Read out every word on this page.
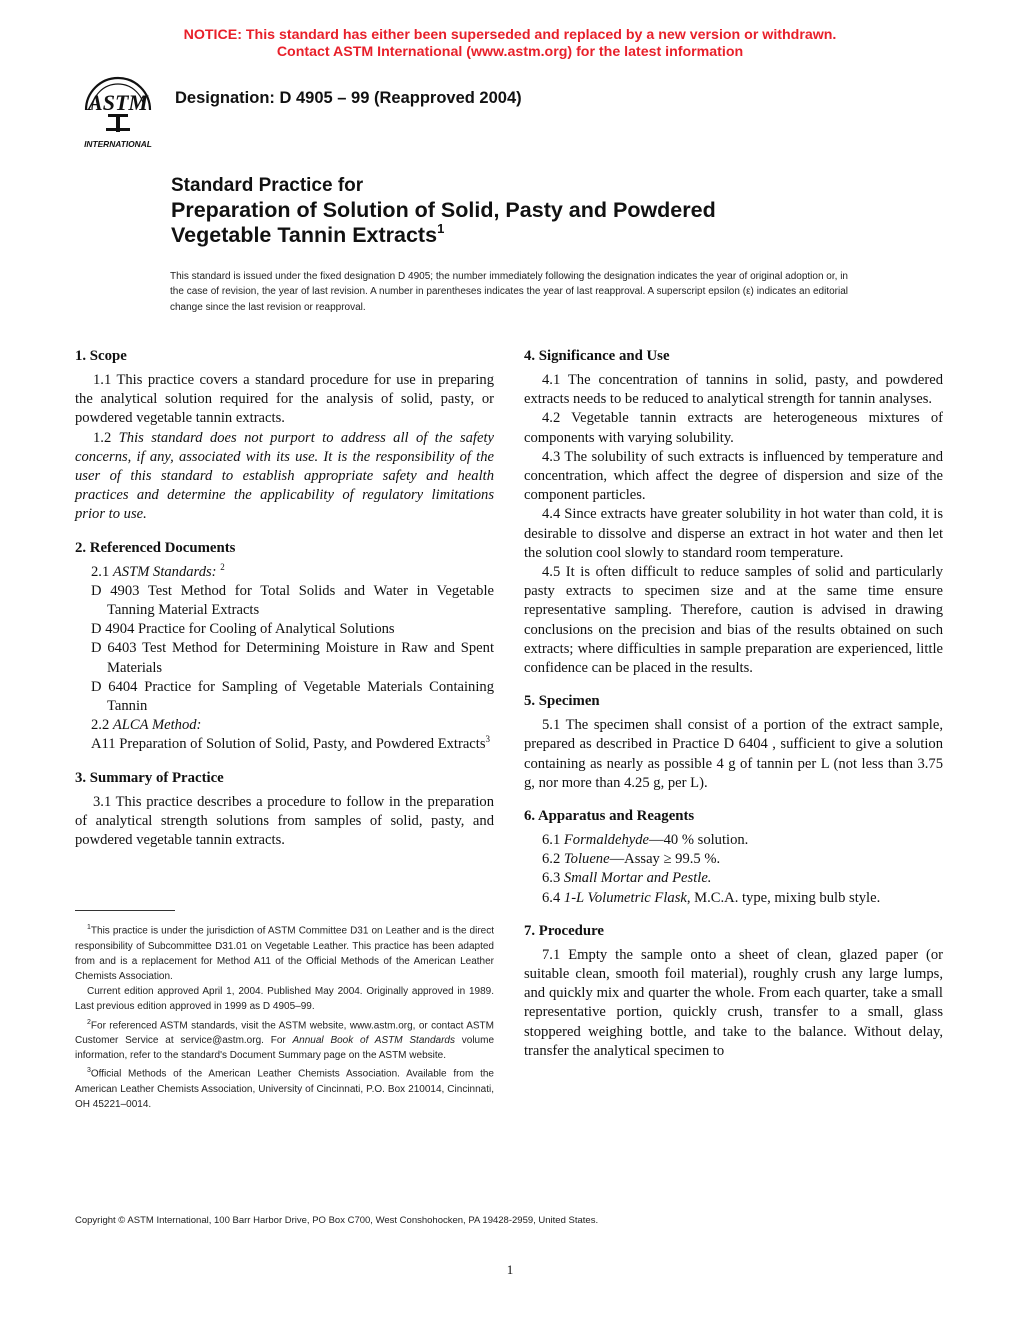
NOTICE: This standard has either been superseded and replaced by a new version or withdrawn.
Contact ASTM International (www.astm.org) for the latest information
ASTM
INTERNATIONAL
Designation: D 4905 – 99 (Reapproved 2004)
Standard Practice for
Preparation of Solution of Solid, Pasty and Powdered
Vegetable Tannin Extracts$^1$
This standard is issued under the fixed designation D 4905; the number immediately following the designation indicates the year of original adoption or, in the case of revision, the year of last revision. A number in parentheses indicates the year of last reapproval. A superscript epsilon (ε) indicates an editorial change since the last revision or reapproval.
1. Scope

1.1 This practice covers a standard procedure for use in preparing the analytical solution required for the analysis of solid, pasty, or powdered vegetable tannin extracts.

1.2 This standard does not purport to address all of the safety concerns, if any, associated with its use. It is the responsibility of the user of this standard to establish appropriate safety and health practices and determine the applicability of regulatory limitations prior to use.

2. Referenced Documents

2.1 ASTM Standards: $^2$

D 4903 Test Method for Total Solids and Water in Vegetable Tanning Material Extracts

D 4904 Practice for Cooling of Analytical Solutions

D 6403 Test Method for Determining Moisture in Raw and Spent Materials

D 6404 Practice for Sampling of Vegetable Materials Containing Tannin

2.2 ALCA Method:

A11 Preparation of Solution of Solid, Pasty, and Powdered Extracts$^3$

3. Summary of Practice

3.1 This practice describes a procedure to follow in the preparation of analytical strength solutions from samples of solid, pasty, and powdered vegetable tannin extracts.

$^1$This practice is under the jurisdiction of ASTM Committee D31 on Leather and is the direct responsibility of Subcommittee D31.01 on Vegetable Leather. This practice has been adapted from and is a replacement for Method A11 of the Official Methods of the American Leather Chemists Association.

Current edition approved April 1, 2004. Published May 2004. Originally approved in 1989. Last previous edition approved in 1999 as D 4905–99.

$^2$For referenced ASTM standards, visit the ASTM website, www.astm.org, or contact ASTM Customer Service at service@astm.org. For Annual Book of ASTM Standards volume information, refer to the standard's Document Summary page on the ASTM website.

$^3$Official Methods of the American Leather Chemists Association. Available from the American Leather Chemists Association, University of Cincinnati, P.O. Box 210014, Cincinnati, OH 45221–0014.

4. Significance and Use

4.1 The concentration of tannins in solid, pasty, and powdered extracts needs to be reduced to analytical strength for tannin analyses.

4.2 Vegetable tannin extracts are heterogeneous mixtures of components with varying solubility.

4.3 The solubility of such extracts is influenced by temperature and concentration, which affect the degree of dispersion and size of the component particles.

4.4 Since extracts have greater solubility in hot water than cold, it is desirable to dissolve and disperse an extract in hot water and then let the solution cool slowly to standard room temperature.

4.5 It is often difficult to reduce samples of solid and particularly pasty extracts to specimen size and at the same time ensure representative sampling. Therefore, caution is advised in drawing conclusions on the precision and bias of the results obtained on such extracts; where difficulties in sample preparation are experienced, little confidence can be placed in the results.

5. Specimen

5.1 The specimen shall consist of a portion of the extract sample, prepared as described in Practice D 6404 , sufficient to give a solution containing as nearly as possible 4 g of tannin per L (not less than 3.75 g, nor more than 4.25 g, per L).

6. Apparatus and Reagents

6.1 Formaldehyde—40 % solution.

6.2 Toluene—Assay ≥ 99.5 %.

6.3 Small Mortar and Pestle.

6.4 1-L Volumetric Flask, M.C.A. type, mixing bulb style.

7. Procedure

7.1 Empty the sample onto a sheet of clean, glazed paper (or suitable clean, smooth foil material), roughly crush any large lumps, and quickly mix and quarter the whole. From each quarter, take a small representative portion, quickly crush, transfer to a small, glass stoppered weighing bottle, and take to the balance. Without delay, transfer the analytical specimen to

Copyright © ASTM International, 100 Barr Harbor Drive, PO Box C700, West Conshohocken, PA 19428-2959, United States.
1
